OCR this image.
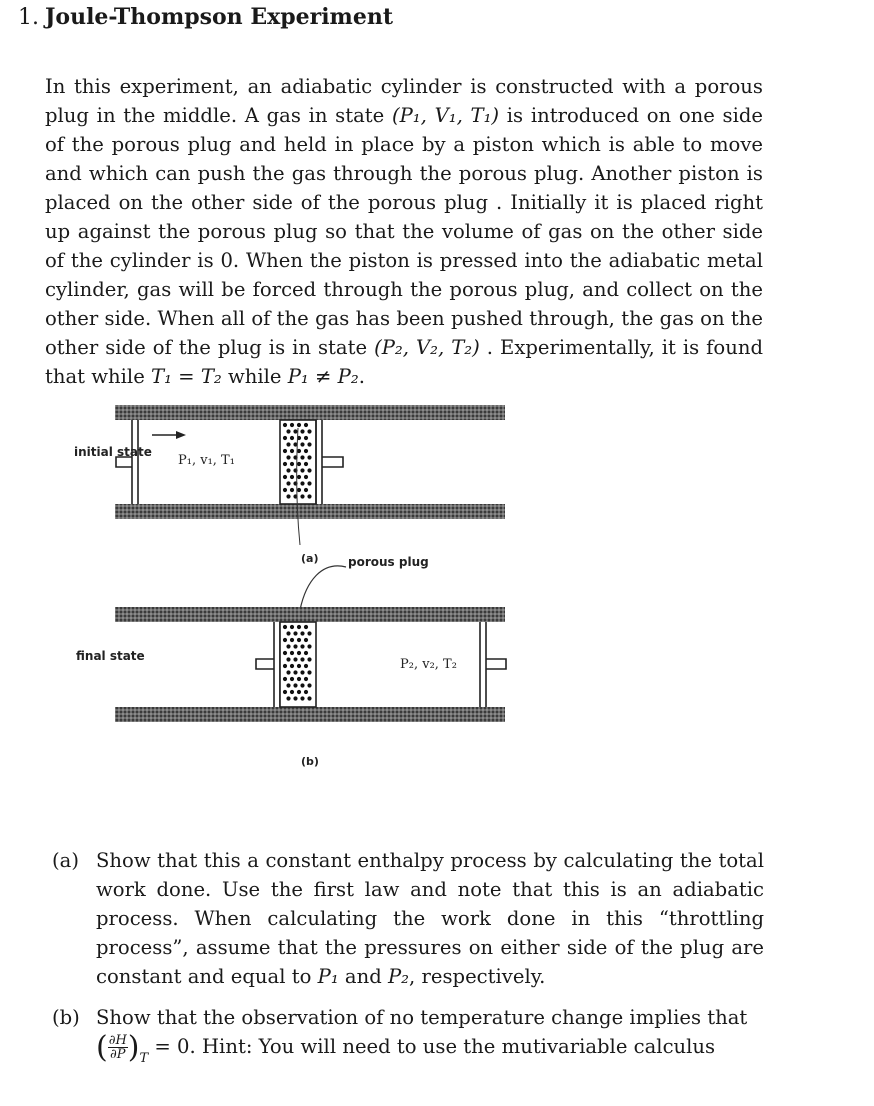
1. Joule-Thompson Experiment

In this experiment, an adiabatic cylinder is constructed with a porous plug in the middle. A gas in state (P₁, V₁, T₁) is introduced on one side of the porous plug and held in place by a piston which is able to move and which can push the gas through the porous plug. Another piston is placed on the other side of the porous plug . Initially it is placed right up against the porous plug so that the volume of gas on the other side of the cylinder is 0. When the piston is pressed into the adiabatic metal cylinder, gas will be forced through the porous plug, and collect on the other side. When all of the gas has been pushed through, the gas on the other side of the plug is in state (P₂, V₂, T₂) . Experimentally, it is found that while T₁ = T₂ while P₁ ≠ P₂.

initial state
final state
P₁, v₁, T₁
P₂, v₂, T₂
(a) porous plug
(b)
(a) Show that this a constant enthalpy process by calculating the total work done. Use the first law and note that this is an adiabatic process. When calculating the work done in this “throttling process”, assume that the pressures on either side of the plug are constant and equal to P₁ and P₂, respectively.
(b) Show that the observation of no temperature change implies that
( $\frac{\partial H}{\partial P} )_T = 0$. Hint: You will need to use the mutivariable calculus
